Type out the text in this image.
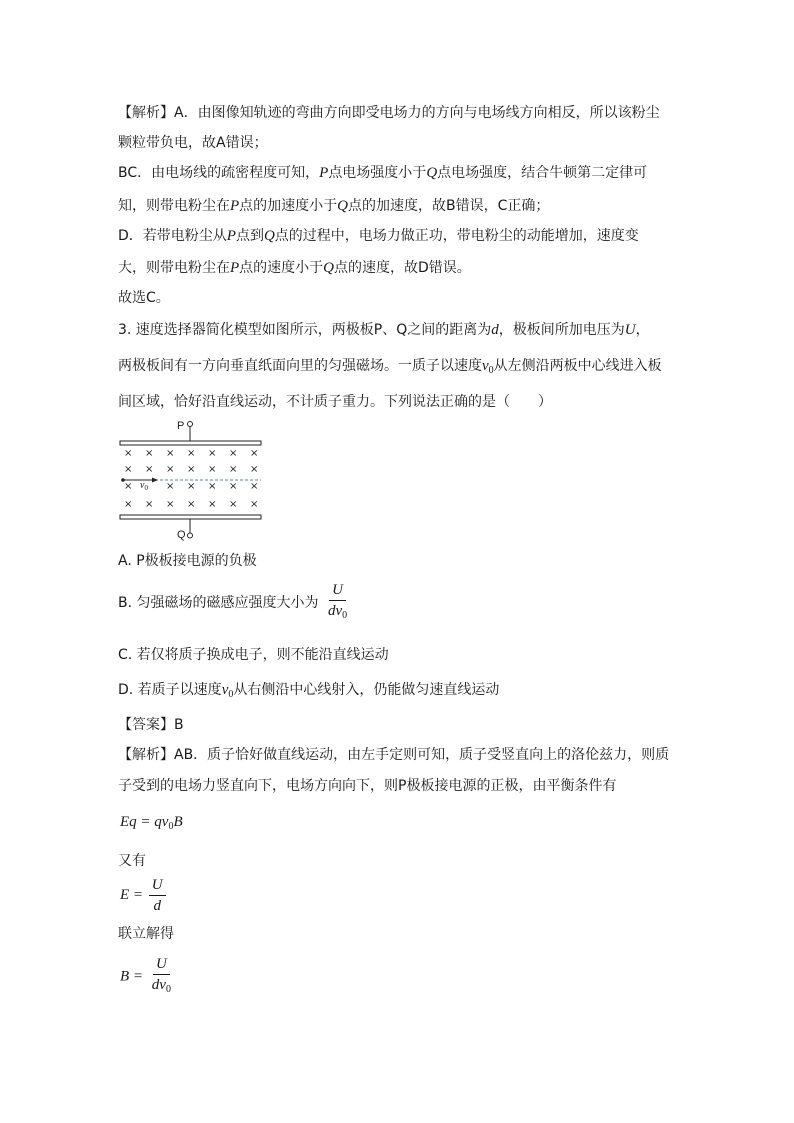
【解析】A．由图像知轨迹的弯曲方向即受电场力的方向与电场线方向相反，所以该粉尘
颗粒带负电，故A错误；
BC．由电场线的疏密程度可知，P点电场强度小于Q点电场强度，结合牛顿第二定律可
知，则带电粉尘在P点的加速度小于Q点的加速度，故B错误，C正确；
D．若带电粉尘从P点到Q点的过程中，电场力做正功，带电粉尘的动能增加，速度变
大，则带电粉尘在P点的速度小于Q点的速度，故D错误。
故选C。
3. 速度选择器简化模型如图所示，两极板P、Q之间的距离为d，极板间所加电压为U，
两极板间有一方向垂直纸面向里的匀强磁场。一质子以速度$v_0$从左侧沿两板中心线进入板
间区域，恰好沿直线运动，不计质子重力。下列说法正确的是（　　）
P
Q
$v_0$
× × × × × × ×
× × × × × × ×
×	× × × × ×
× × × × × × ×
A. P极板接电源的负极
B. 匀强磁场的磁感应强度大小为 $\frac{U}{dv_0}$
C. 若仅将质子换成电子，则不能沿直线运动
D. 若质子以速度$v_0$从右侧沿中心线射入，仍能做匀速直线运动
【答案】B
【解析】AB．质子恰好做直线运动，由左手定则可知，质子受竖直向上的洛伦兹力，则质
子受到的电场力竖直向下，电场方向向下，则P极板接电源的正极，由平衡条件有
$Eq = qv_0B$
又有
$E = \frac{U}{d}$
联立解得
$B = \frac{U}{dv_0}$
